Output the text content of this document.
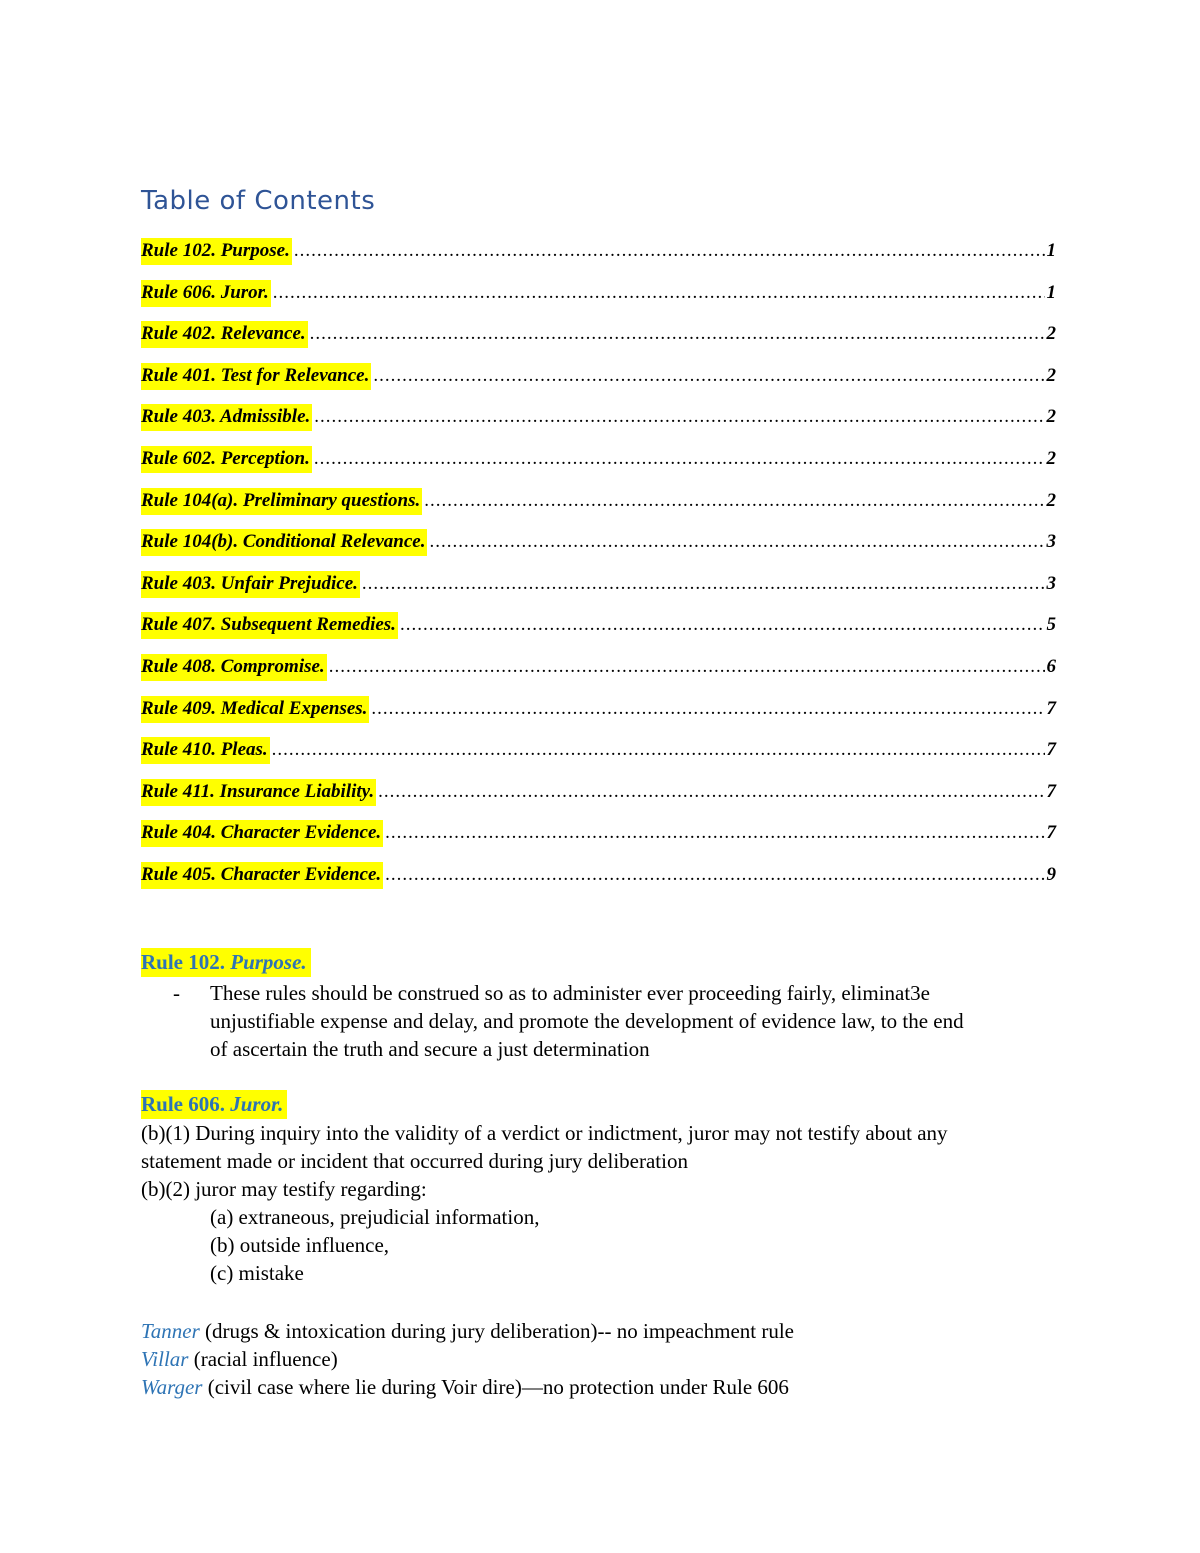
Table of Contents
Rule 102. Purpose. .....	1
Rule 606. Juror. .....	1
Rule 402. Relevance. .....	2
Rule 401. Test for Relevance. .....	2
Rule 403. Admissible. .....	2
Rule 602. Perception. .....	2
Rule 104(a). Preliminary questions. .....	2
Rule 104(b). Conditional Relevance. .....	3
Rule 403. Unfair Prejudice. .....	3
Rule 407. Subsequent Remedies. .....	5
Rule 408. Compromise. .....	6
Rule 409. Medical Expenses. .....	7
Rule 410. Pleas. .....	7
Rule 411. Insurance Liability. .....	7
Rule 404. Character Evidence. .....	7
Rule 405. Character Evidence. .....	9
Rule 102. Purpose.
- These rules should be construed so as to administer ever proceeding fairly, eliminat3e
unjustifiable expense and delay, and promote the development of evidence law, to the end
of ascertain the truth and secure a just determination
Rule 606. Juror.
(b)(1) During inquiry into the validity of a verdict or indictment, juror may not testify about any
statement made or incident that occurred during jury deliberation
(b)(2) juror may testify regarding:
(a) extraneous, prejudicial information,
(b) outside influence,
(c) mistake
Tanner (drugs & intoxication during jury deliberation)-- no impeachment rule
Villar (racial influence)
Warger (civil case where lie during Voir dire)—no protection under Rule 606
